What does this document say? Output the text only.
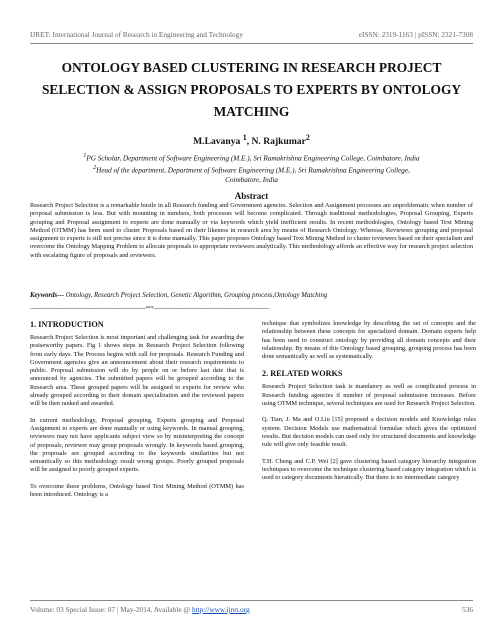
IJRET: International Journal of Research in Engineering and Technology	eISSN: 2319-1163 | pISSN: 2321-7308
ONTOLOGY BASED CLUSTERING IN RESEARCH PROJECT
SELECTION & ASSIGN PROPOSALS TO EXPERTS BY ONTOLOGY
MATCHING
M.Lavanya $^1$, N. Rajkumar$^2$
$^1$PG Scholar, Department of Software Engineering (M.E.), Sri Ramakrishna Engineering College, Coimbatore, India
$^2$Head of the department, Department of Software Engineering (M.E.), Sri Ramakrishna Engineering College,
Coimbatore, India
Abstract

Research Project Selection is a remarkable bustle in all Research funding and Government agencies. Selection and Assignment processes are unproblematic when number of proposal submission is less. But with mounting in numbers, both processes will become complicated. Through traditional methodologies, Proposal Grouping, Experts grouping and Proposal assignment to experts are done manually or via keywords which yield inefficient results. In recent methodologies, Ontology based Text Mining Method (OTMM) has been used to cluster Proposals based on their likeness in research area by means of Research Ontology. Whereas, Reviewers grouping and proposal assignment to experts is still not precise since it is done manually. This paper proposes Ontology based Text Mining Method to cluster reviewers based on their specialism and overcome the Ontology Mapping Problem to allocate proposals to appropriate reviewers analytically. This methodology affords an effective way for research project selection with escalating figure of proposals and reviewers.

Keywords--- Ontology, Research Project Selection, Genetic Algorithm, Grouping process,Ontology Matching
--------------------------------------------------------------------***--------------------------------------------------------------------
1. INTRODUCTION

Research Project Selection is most important and challenging task for awarding the praiseworthy papers. Fig 1 shows steps in Research Project Selection following from early days. The Process begins with call for proposals. Research Funding and Government agencies give an announcement about their research requirements to public. Proposal submission will do by people on or before last date that is announced by agencies. The submitted papers will be grouped according to the Research area. These grouped papers will be assigned to experts for review who already grouped according to their domain specialization and the reviewed papers will be then ranked and awarded.

In current methodology, Proposal grouping, Experts grouping and Proposal Assignment to experts are done manually or using keywords. In manual grouping, reviewers may not have applicants subject view so by misinterpreting the concept of proposals, reviewer may group proposals wrongly. In keywords based grouping, the proposals are grouped according to the keywords similarities but not semantically so this methodology result wrong groups. Poorly grouped proposals will be assigned to poorly grouped experts.

To overcome these problems, Ontology based Text Mining Method (OTMM) has been introduced. Ontology is a

technique that symbolizes knowledge by describing the set of concepts and the relationship between these concepts for specialized domain. Domain experts help has been used to construct ontology by providing all domain concepts and their relationship. By means of this Ontology based grouping, grouping process has been done semantically as well as systematically.

2. RELATED WORKS

Research Project Selection task is mandatory as well as complicated process in Research funding agencies if number of proposal submission increases. Before using OTMM technique, several techniques are used for Research Project Selection.

Q. Tian, J. Ma and O.Liu [15] proposed a decision models and Knowledge rules system. Decision Models use mathematical formulae which gives the optimized results. But decision models can used only for structured documents and knowledge rule will give only feasible result.

T.H. Cheng and C.P. Wei [2] gave clustering based category hierarchy integration techniques to overcome the technique clustering based category integration which is used to category documents hieratically. But there is no intermediate category

Volume: 03 Special Issue: 07 | May-2014, Available @ http://www.ijret.org	536
